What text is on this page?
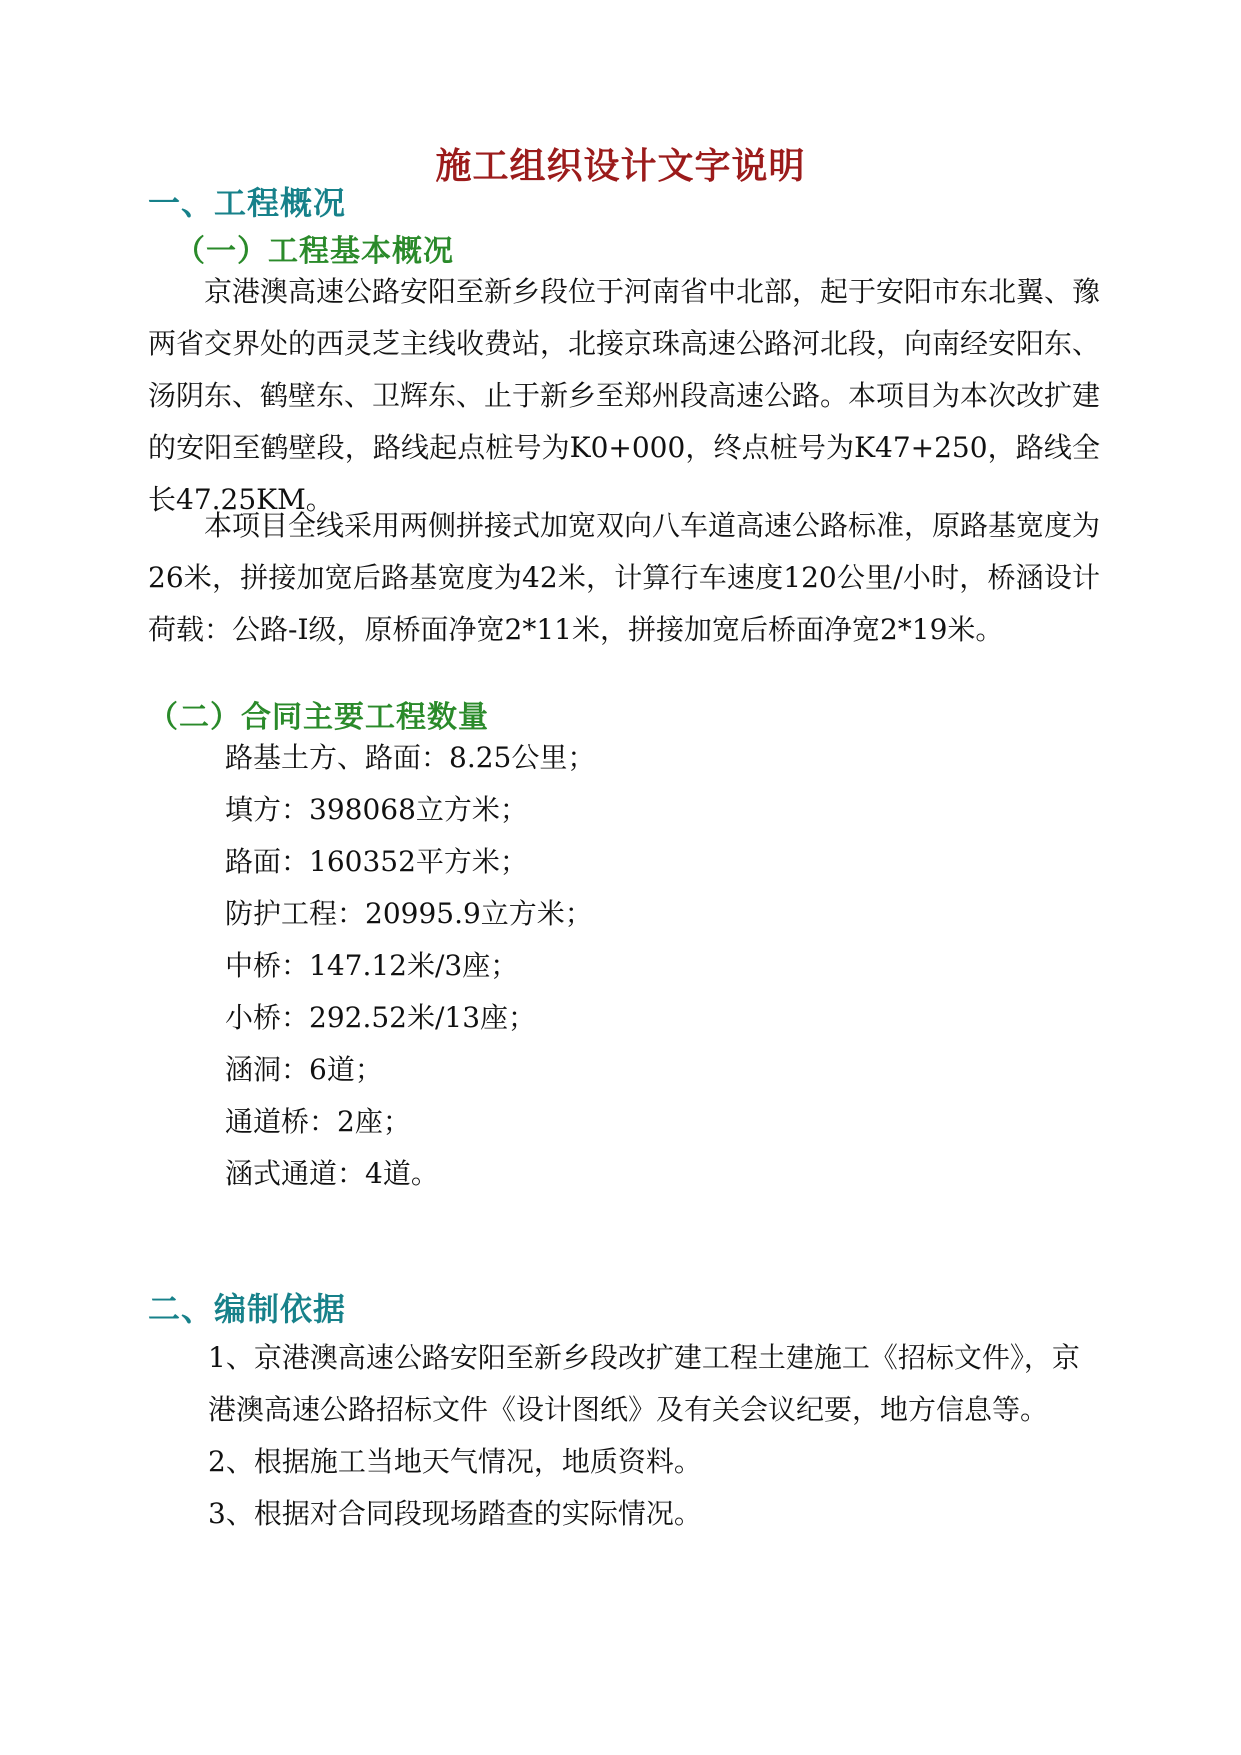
施工组织设计文字说明
一、工程概况
（一）工程基本概况

京港澳高速公路安阳至新乡段位于河南省中北部，起于安阳市东北翼、豫两省交界处的西灵芝主线收费站，北接京珠高速公路河北段，向南经安阳东、汤阴东、鹤壁东、卫辉东、止于新乡至郑州段高速公路。本项目为本次改扩建的安阳至鹤壁段，路线起点桩号为K0+000，终点桩号为K47+250，路线全长47.25KM。

本项目全线采用两侧拼接式加宽双向八车道高速公路标准，原路基宽度为26米，拼接加宽后路基宽度为42米，计算行车速度120公里/小时，桥涵设计荷载：公路-Ⅰ级，原桥面净宽2*11米，拼接加宽后桥面净宽2*19米。

（二）合同主要工程数量
路基土方、路面：8.25公里；
填方：398068立方米；
路面：160352平方米；
防护工程：20995.9立方米；
中桥：147.12米/3座；
小桥：292.52米/13座；
涵洞：6道；
通道桥：2座；
涵式通道：4道。
二、编制依据
1、京港澳高速公路安阳至新乡段改扩建工程土建施工《招标文件》，京港澳高速公路招标文件《设计图纸》及有关会议纪要，地方信息等。
2、根据施工当地天气情况，地质资料。
3、根据对合同段现场踏查的实际情况。
